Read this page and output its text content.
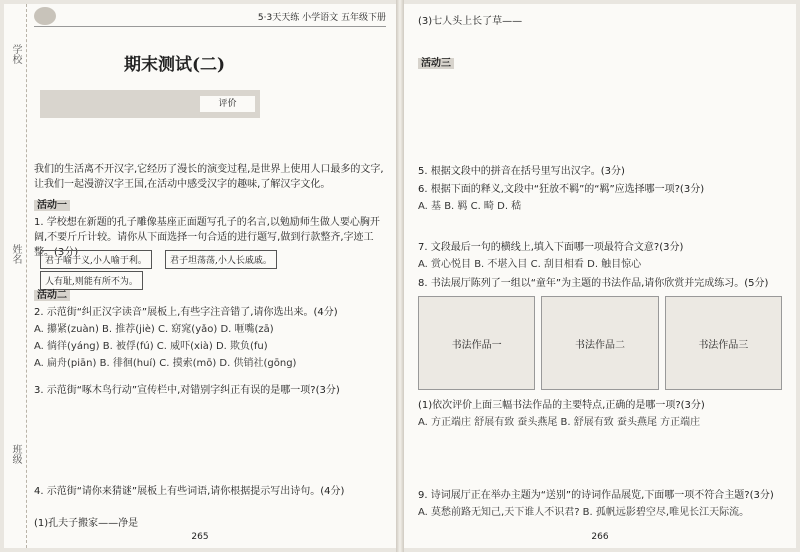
学校
姓名
班级
5·3天天练 小学语文 五年级下册
期末测试(二)
评价
我们的生活离不开汉字,它经历了漫长的演变过程,是世界上使用人口最多的文字,让我们一起漫游汉字王国,在活动中感受汉字的趣味,了解汉字文化。
活动一
1. 学校想在新题的孔子雕像基座正面题写孔子的名言,以勉励师生做人要心胸开阔,不要斤斤计较。请你从下面选择一句合适的进行题写,做到行款整齐,字迹工整。(3分)
君子喻于义,小人喻于利。	君子坦荡荡,小人长戚戚。 人有耻,则能有所不为。
活动二
2. 示范街“纠正汉字读音”展板上,有些字注音错了,请你选出来。(4分)
A. 攥紧(zuàn) B. 推荐(jiè) C. 窈窕(yǎo) D. 咂嘴(zā)
A. 徜徉(yáng) B. 被俘(fú) C. 威吓(xià) D. 欺负(fu)
A. 扁舟(piān) B. 徘徊(huí) C. 摸索(mō) D. 供销社(gōng)
3. 示范街“啄木鸟行动”宣传栏中,对错别字纠正有误的是哪一项?(3分)
4. 示范街“请你来猜谜”展板上有些词语,请你根据提示写出诗句。(4分)
(1)孔夫子搬家——净是
265
(3)七人头上长了草——
活动三
5. 根据文段中的拼音在括号里写出汉字。(3分)
6. 根据下面的释义,文段中“狂放不羁”的“羁”应选择哪一项?(3分)
A. 基 B. 羁 C. 畸 D. 嵇
7. 文段最后一句的横线上,填入下面哪一项最符合文意?(3分)
A. 赏心悦目 B. 不堪入目 C. 刮目相看 D. 触目惊心
8. 书法展厅陈列了一组以“童年”为主题的书法作品,请你欣赏并完成练习。(5分)
书法作品一	书法作品二	书法作品三
(1)依次评价上面三幅书法作品的主要特点,正确的是哪一项?(3分)
A. 方正端庄 舒展有致 蚕头燕尾 B. 舒展有致 蚕头燕尾 方正端庄
9. 诗词展厅正在举办主题为“送别”的诗词作品展览,下面哪一项不符合主题?(3分)
A. 莫愁前路无知己,天下谁人不识君? B. 孤帆远影碧空尽,唯见长江天际流。
266
